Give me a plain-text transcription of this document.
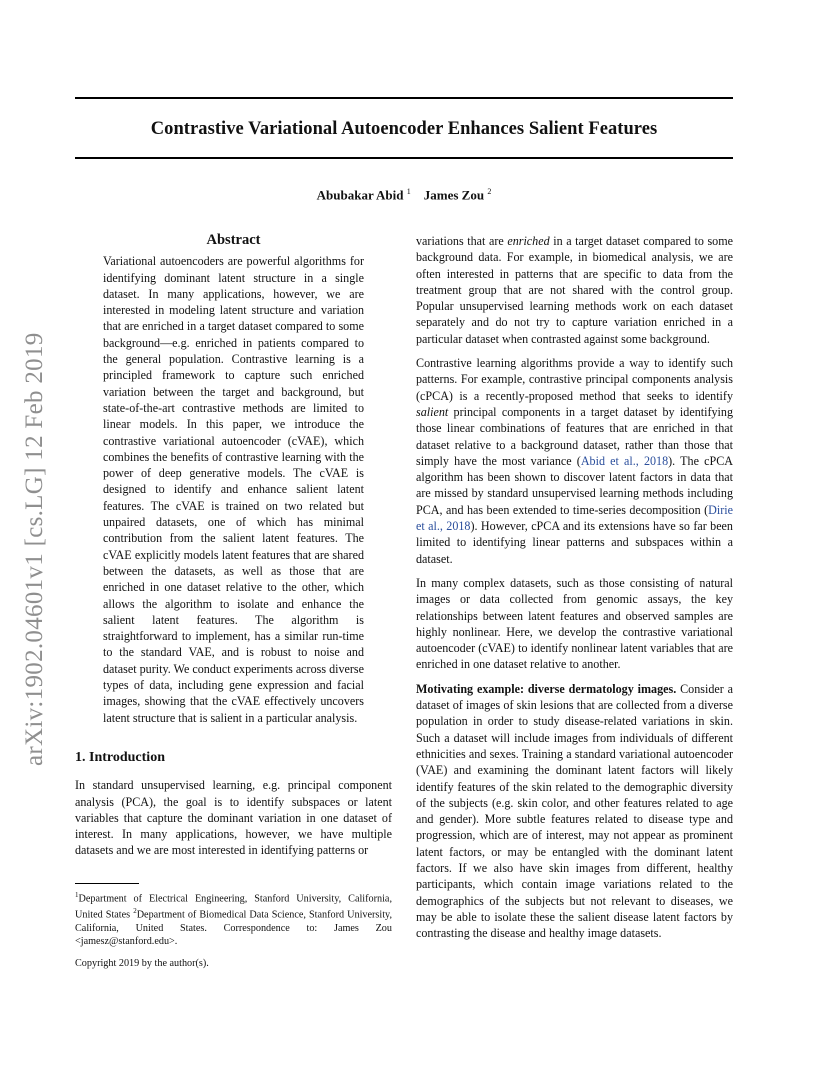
Contrastive Variational Autoencoder Enhances Salient Features
Abubakar Abid $^1$ James Zou $^2$
arXiv:1902.04601v1 [cs.LG] 12 Feb 2019
Abstract
Variational autoencoders are powerful algorithms for identifying dominant latent structure in a single dataset. In many applications, however, we are interested in modeling latent structure and variation that are enriched in a target dataset compared to some background—e.g. enriched in patients compared to the general population. Contrastive learning is a principled framework to capture such enriched variation between the target and background, but state-of-the-art contrastive methods are limited to linear models. In this paper, we introduce the contrastive variational autoencoder (cVAE), which combines the benefits of contrastive learning with the power of deep generative models. The cVAE is designed to identify and enhance salient latent features. The cVAE is trained on two related but unpaired datasets, one of which has minimal contribution from the salient latent features. The cVAE explicitly models latent features that are shared between the datasets, as well as those that are enriched in one dataset relative to the other, which allows the algorithm to isolate and enhance the salient latent features. The algorithm is straightforward to implement, has a similar run-time to the standard VAE, and is robust to noise and dataset purity. We conduct experiments across diverse types of data, including gene expression and facial images, showing that the cVAE effectively uncovers latent structure that is salient in a particular analysis.
1. Introduction
In standard unsupervised learning, e.g. principal component analysis (PCA), the goal is to identify subspaces or latent variables that capture the dominant variation in one dataset of interest. In many applications, however, we have multiple datasets and we are most interested in identifying patterns or
$^1$Department of Electrical Engineering, Stanford University, California, United States $^2$Department of Biomedical Data Science, Stanford University, California, United States. Correspondence to: James Zou <jamesz@stanford.edu>.
Copyright 2019 by the author(s).

variations that are enriched in a target dataset compared to some background data. For example, in biomedical analysis, we are often interested in patterns that are specific to data from the treatment group that are not shared with the control group. Popular unsupervised learning methods work on each dataset separately and do not try to capture variation enriched in a particular dataset when contrasted against some background.

Contrastive learning algorithms provide a way to identify such patterns. For example, contrastive principal components analysis (cPCA) is a recently-proposed method that seeks to identify salient principal components in a target dataset by identifying those linear combinations of features that are enriched in that dataset relative to a background dataset, rather than those that simply have the most variance (Abid et al., 2018). The cPCA algorithm has been shown to discover latent factors in data that are missed by standard unsupervised learning methods including PCA, and has been extended to time-series decomposition (Dirie et al., 2018). However, cPCA and its extensions have so far been limited to identifying linear patterns and subspaces within a dataset.

In many complex datasets, such as those consisting of natural images or data collected from genomic assays, the key relationships between latent features and observed samples are highly nonlinear. Here, we develop the contrastive variational autoencoder (cVAE) to identify nonlinear latent variables that are enriched in one dataset relative to another.

Motivating example: diverse dermatology images. Consider a dataset of images of skin lesions that are collected from a diverse population in order to study disease-related variations in skin. Such a dataset will include images from individuals of different ethnicities and sexes. Training a standard variational autoencoder (VAE) and examining the dominant latent factors will likely identify features of the skin related to the demographic diversity of the subjects (e.g. skin color, and other features related to age and gender). More subtle features related to disease type and progression, which are of interest, may not appear as prominent latent factors, or may be entangled with the dominant latent factors. If we also have skin images from different, healthy participants, which contain image variations related to the demographics of the subjects but not relevant to diseases, we may be able to isolate these the salient disease latent factors by contrasting the disease and healthy image datasets.
